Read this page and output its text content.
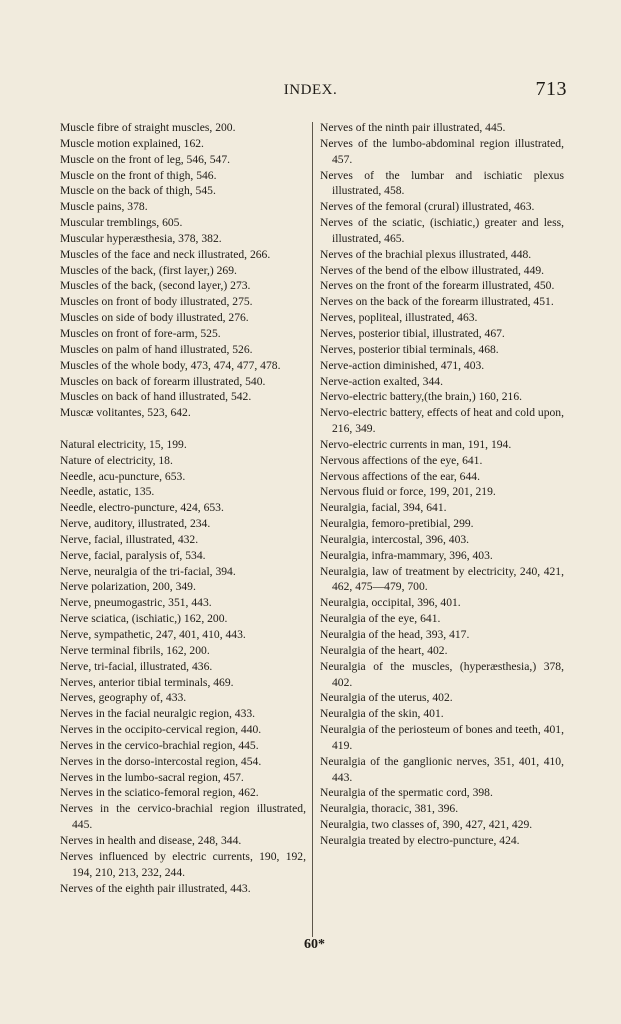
INDEX.	713
Muscle fibre of straight muscles, 200.
Muscle motion explained, 162.
Muscle on the front of leg, 546, 547.
Muscle on the front of thigh, 546.
Muscle on the back of thigh, 545.
Muscle pains, 378.
Muscular tremblings, 605.
Muscular hyperæsthesia, 378, 382.
Muscles of the face and neck illustrated, 266.
Muscles of the back, (first layer,) 269.
Muscles of the back, (second layer,) 273.
Muscles on front of body illustrated, 275.
Muscles on side of body illustrated, 276.
Muscles on front of fore-arm, 525.
Muscles on palm of hand illustrated, 526.
Muscles of the whole body, 473, 474, 477, 478.
Muscles on back of forearm illustrated, 540.
Muscles on back of hand illustrated, 542.
Muscæ volitantes, 523, 642.
Natural electricity, 15, 199.
Nature of electricity, 18.
Needle, acu-puncture, 653.
Needle, astatic, 135.
Needle, electro-puncture, 424, 653.
Nerve, auditory, illustrated, 234.
Nerve, facial, illustrated, 432.
Nerve, facial, paralysis of, 534.
Nerve, neuralgia of the tri-facial, 394.
Nerve polarization, 200, 349.
Nerve, pneumogastric, 351, 443.
Nerve sciatica, (ischiatic,) 162, 200.
Nerve, sympathetic, 247, 401, 410, 443.
Nerve terminal fibrils, 162, 200.
Nerve, tri-facial, illustrated, 436.
Nerves, anterior tibial terminals, 469.
Nerves, geography of, 433.
Nerves in the facial neuralgic region, 433.
Nerves in the occipito-cervical region, 440.
Nerves in the cervico-brachial region, 445.
Nerves in the dorso-intercostal region, 454.
Nerves in the lumbo-sacral region, 457.
Nerves in the sciatico-femoral region, 462.
Nerves in the cervico-brachial region illustrated, 445.
Nerves in health and disease, 248, 344.
Nerves influenced by electric currents, 190, 192, 194, 210, 213, 232, 244.
Nerves of the eighth pair illustrated, 443.
Nerves of the ninth pair illustrated, 445.
Nerves of the lumbo-abdominal region illustrated, 457.
Nerves of the lumbar and ischiatic plexus illustrated, 458.
Nerves of the femoral (crural) illustrated, 463.
Nerves of the sciatic, (ischiatic,) greater and less, illustrated, 465.
Nerves of the brachial plexus illustrated, 448.
Nerves of the bend of the elbow illustrated, 449.
Nerves on the front of the forearm illustrated, 450.
Nerves on the back of the forearm illustrated, 451.
Nerves, popliteal, illustrated, 463.
Nerves, posterior tibial, illustrated, 467.
Nerves, posterior tibial terminals, 468.
Nerve-action diminished, 471, 403.
Nerve-action exalted, 344.
Nervo-electric battery,(the brain,) 160, 216.
Nervo-electric battery, effects of heat and cold upon, 216, 349.
Nervo-electric currents in man, 191, 194.
Nervous affections of the eye, 641.
Nervous affections of the ear, 644.
Nervous fluid or force, 199, 201, 219.
Neuralgia, facial, 394, 641.
Neuralgia, femoro-pretibial, 299.
Neuralgia, intercostal, 396, 403.
Neuralgia, infra-mammary, 396, 403.
Neuralgia, law of treatment by electricity, 240, 421, 462, 475—479, 700.
Neuralgia, occipital, 396, 401.
Neuralgia of the eye, 641.
Neuralgia of the head, 393, 417.
Neuralgia of the heart, 402.
Neuralgia of the muscles, (hyperæsthesia,) 378, 402.
Neuralgia of the uterus, 402.
Neuralgia of the skin, 401.
Neuralgia of the periosteum of bones and teeth, 401, 419.
Neuralgia of the ganglionic nerves, 351, 401, 410, 443.
Neuralgia of the spermatic cord, 398.
Neuralgia, thoracic, 381, 396.
Neuralgia, two classes of, 390, 427, 421, 429.
Neuralgia treated by electro-puncture, 424.
60*
